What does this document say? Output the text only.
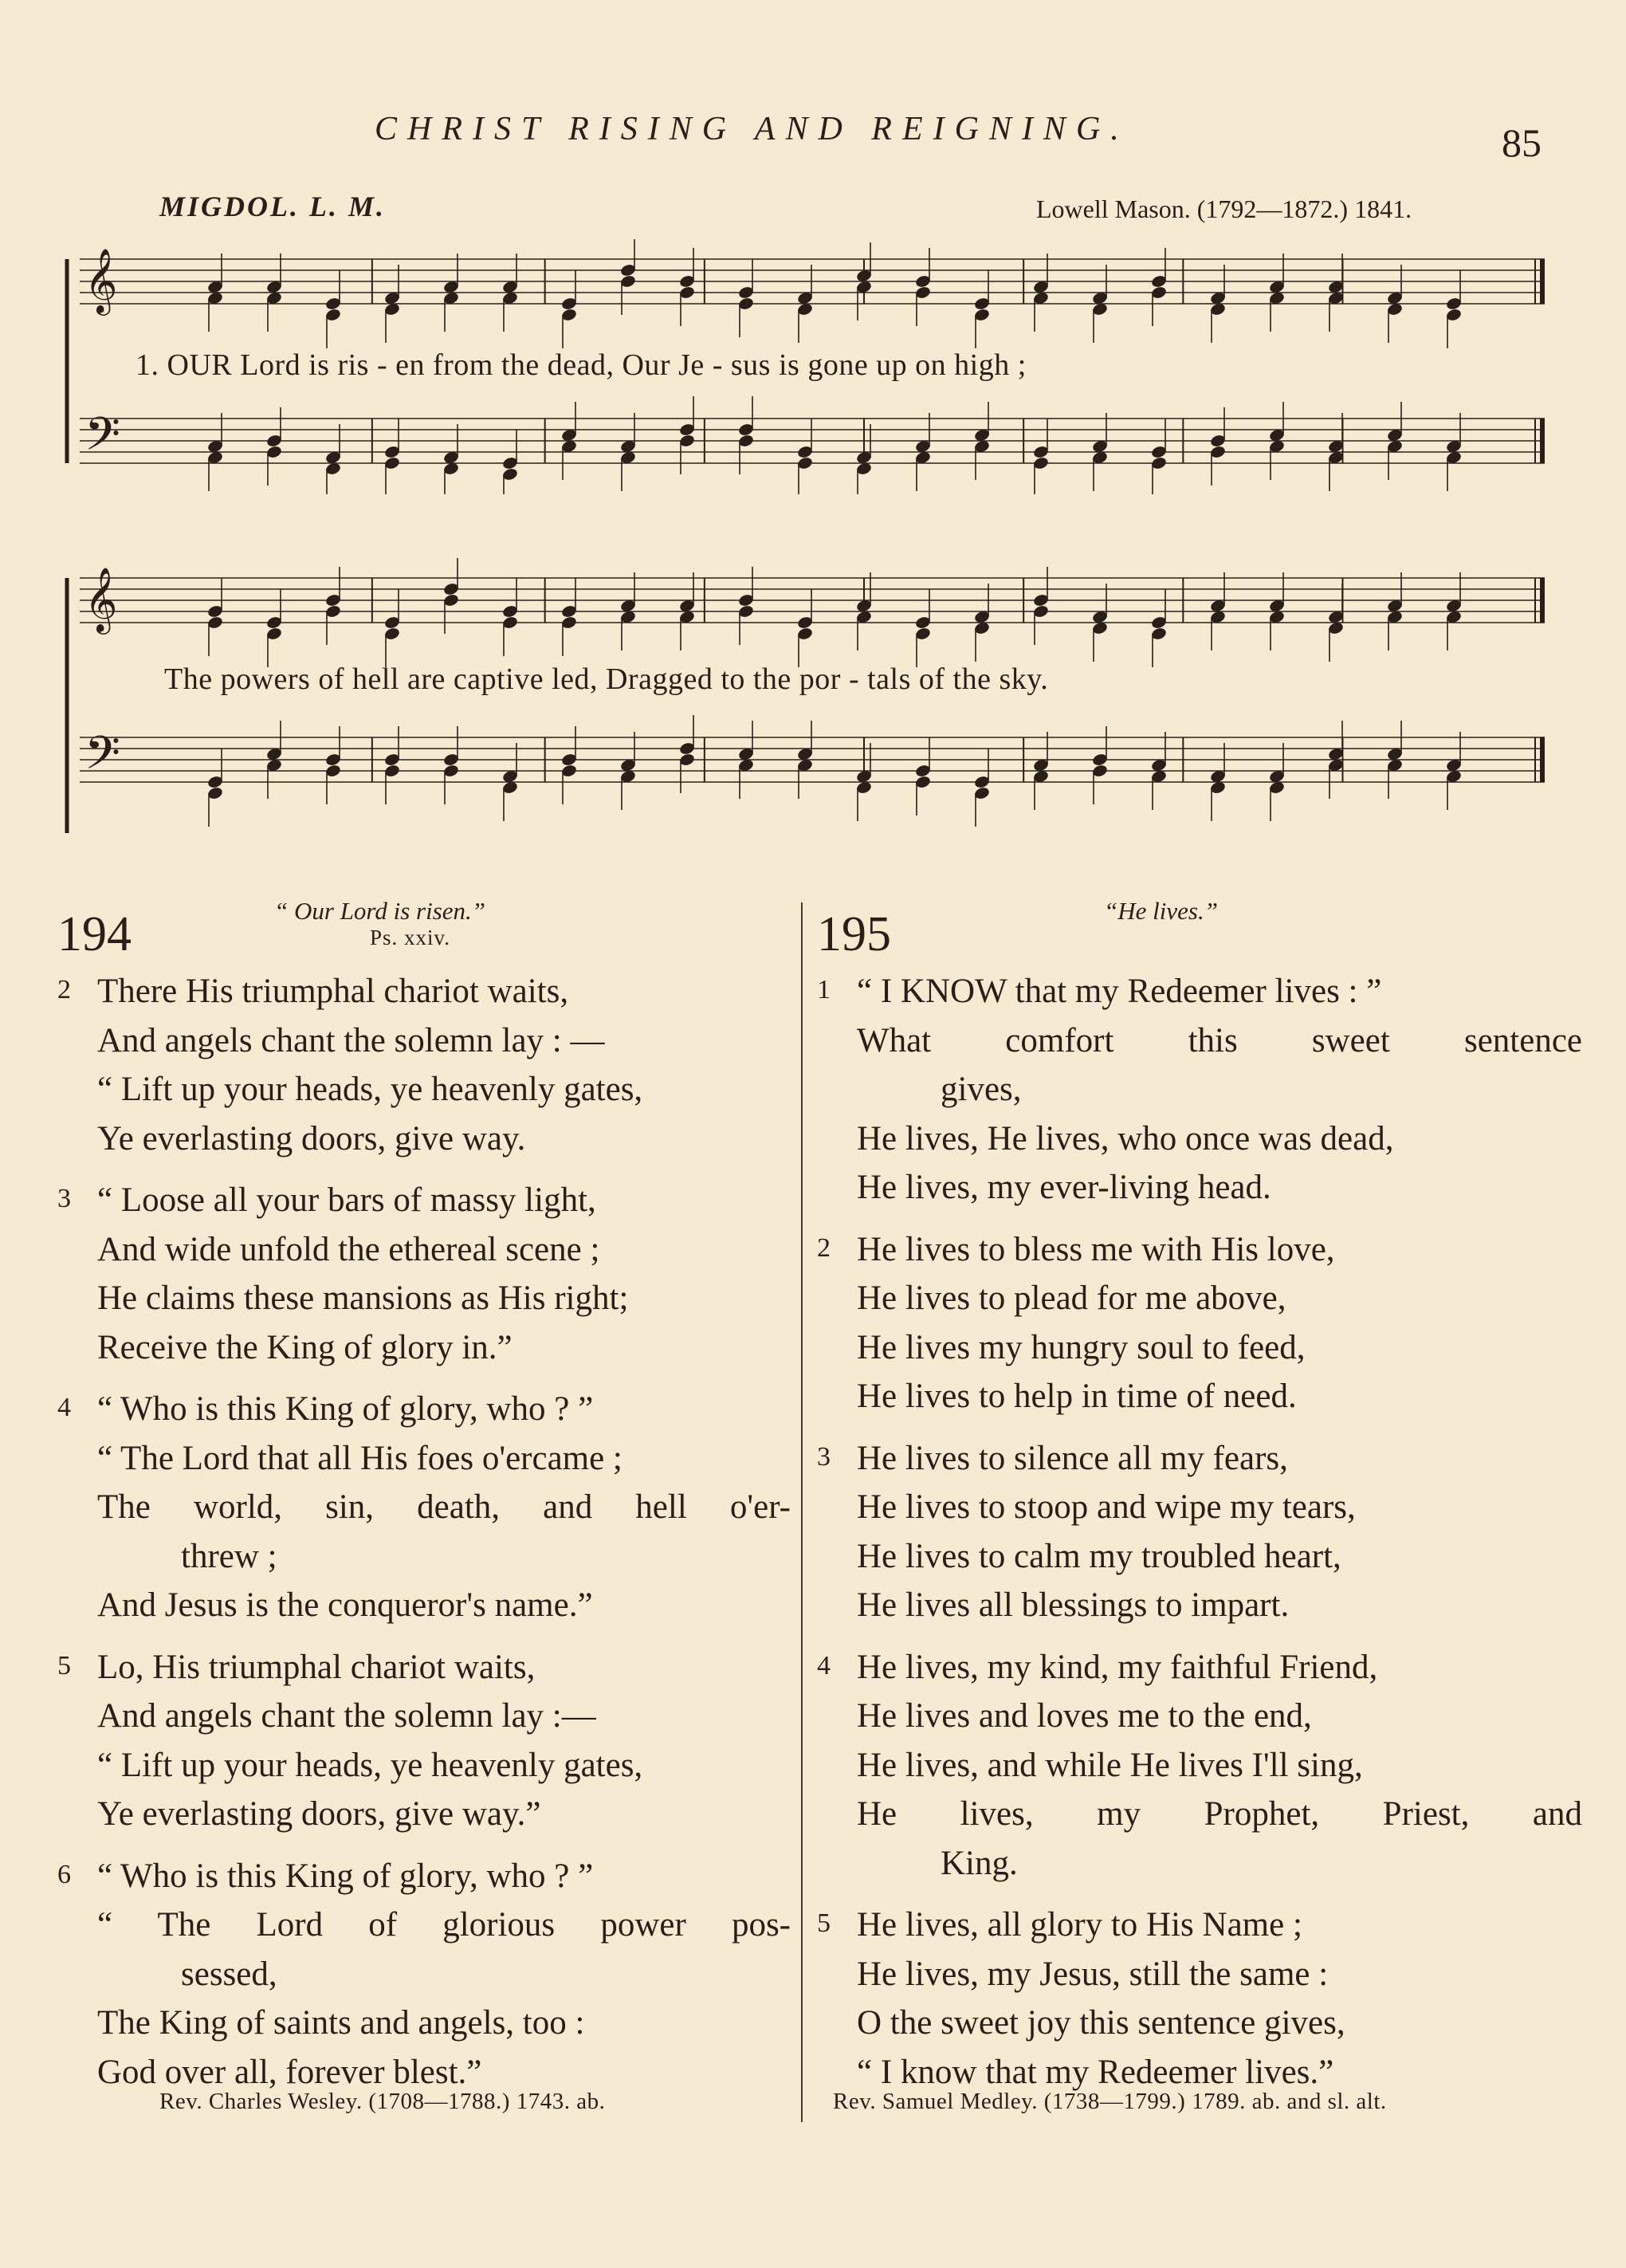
CHRIST RISING AND REIGNING.	85
MIGDOL. L. M.	Lowell Mason. (1792—1872.) 1841.
𝄞
𝄢
1. OUR Lord is ris - en from the dead, Our Je - sus is gone up on high ;
𝄞
𝄢
The powers of hell are captive led, Dragged to the por - tals of the sky.
194	“ Our Lord is risen.”
Ps. xxiv.
2 There His triumphal chariot waits,
And angels chant the solemn lay : —
“ Lift up your heads, ye heavenly gates,
Ye everlasting doors, give way.
3 “ Loose all your bars of massy light,
And wide unfold the ethereal scene ;
He claims these mansions as His right;
Receive the King of glory in.”
4 “ Who is this King of glory, who ? ”
“ The Lord that all His foes o'ercame ;
The world, sin, death, and hell o'er-
threw ;
And Jesus is the conqueror's name.”
5 Lo, His triumphal chariot waits,
And angels chant the solemn lay :—
“ Lift up your heads, ye heavenly gates,
Ye everlasting doors, give way.”
6 “ Who is this King of glory, who ? ”
“ The Lord of glorious power pos-
sessed,
The King of saints and angels, too :
God over all, forever blest.”
Rev. Charles Wesley. (1708—1788.) 1743. ab.
195	“He lives.”
1 “ I KNOW that my Redeemer lives : ”
What comfort this sweet sentence
gives,
He lives, He lives, who once was dead,
He lives, my ever-living head.
2 He lives to bless me with His love,
He lives to plead for me above,
He lives my hungry soul to feed,
He lives to help in time of need.
3 He lives to silence all my fears,
He lives to stoop and wipe my tears,
He lives to calm my troubled heart,
He lives all blessings to impart.
4 He lives, my kind, my faithful Friend,
He lives and loves me to the end,
He lives, and while He lives I'll sing,
He lives, my Prophet, Priest, and
King.
5 He lives, all glory to His Name ;
He lives, my Jesus, still the same :
O the sweet joy this sentence gives,
“ I know that my Redeemer lives.”
Rev. Samuel Medley. (1738—1799.) 1789. ab. and sl. alt.
